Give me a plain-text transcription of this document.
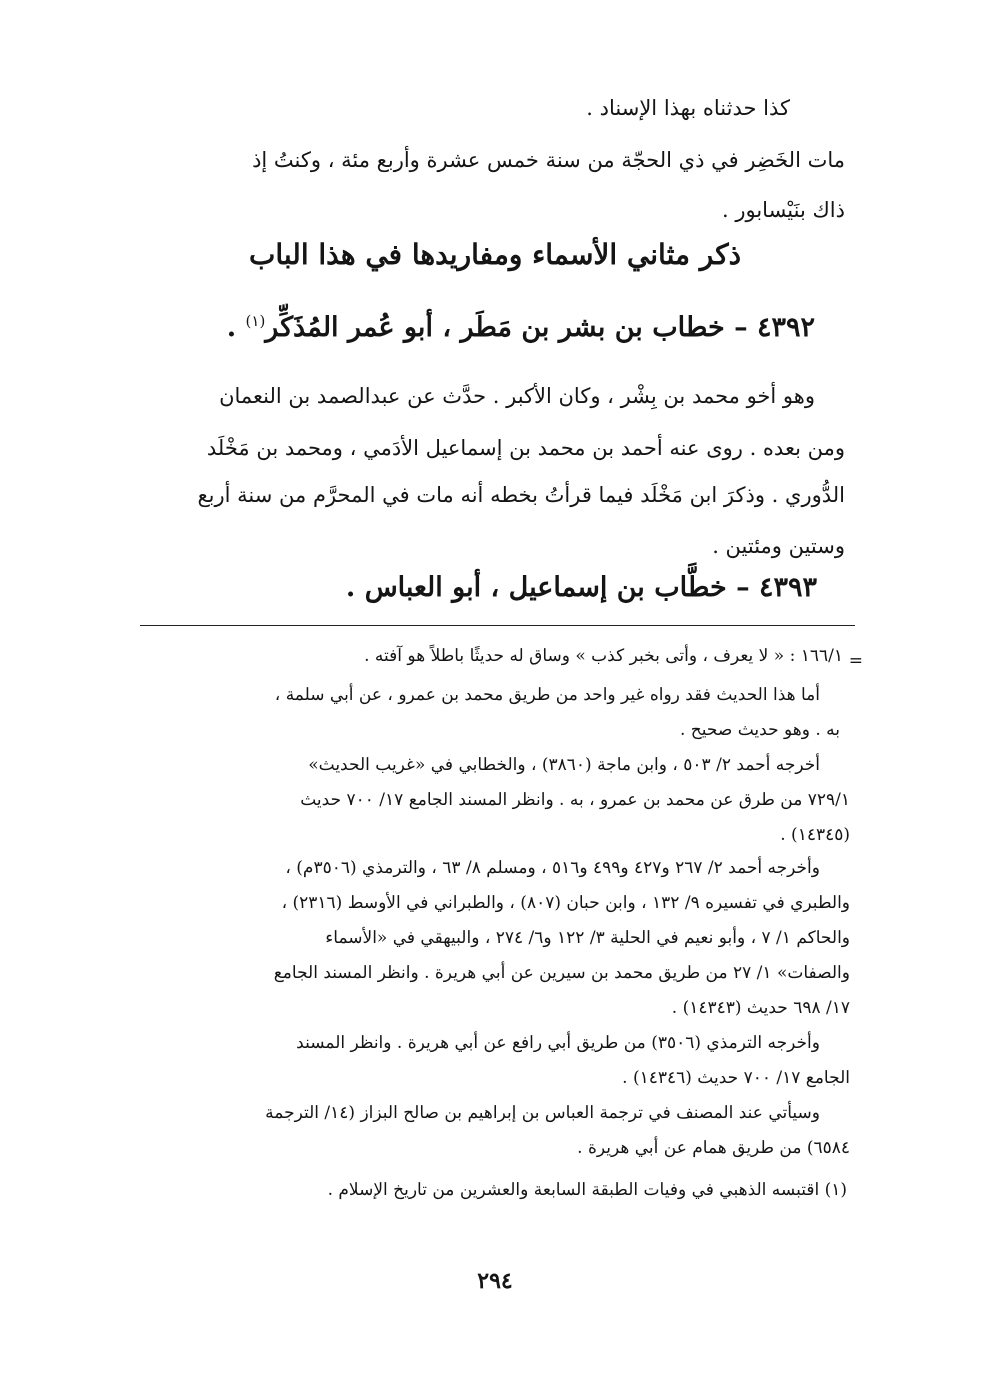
كذا حدثناه بهذا الإسناد .
مات الخَضِر في ذي الحجّة من سنة خمس عشرة وأربع مئة ، وكنتُ إذ
ذاك بنَيْسابور .
ذكر مثاني الأسماء ومفاريدها في هذا الباب
٤٣٩٢ – خطاب بن بشر بن مَطَر ، أبو عُمر المُذَكِّر$^{(١)}$ .
وهو أخو محمد بن بِشْر ، وكان الأكبر . حدَّث عن عبدالصمد بن النعمان
ومن بعده . روى عنه أحمد بن محمد بن إسماعيل الأدَمي ، ومحمد بن مَخْلَد
الدُّوري . وذكرَ ابن مَخْلَد فيما قرأتُ بخطه أنه مات في المحرَّم من سنة أربع
وستين ومئتين .
٤٣٩٣ – خطَّاب بن إسماعيل ، أبو العباس .
=
١٦٦/١ : « لا يعرف ، وأتى بخبر كذب » وساق له حديثًا باطلاً هو آفته .
أما هذا الحديث فقد رواه غير واحد من طريق محمد بن عمرو ، عن أبي سلمة ،
به . وهو حديث صحيح .
أخرجه أحمد ٢/ ٥٠٣ ، وابن ماجة (٣٨٦٠) ، والخطابي في «غريب الحديث»
٧٢٩/١ من طرق عن محمد بن عمرو ، به . وانظر المسند الجامع ١٧/ ٧٠٠ حديث
(١٤٣٤٥) .
وأخرجه أحمد ٢/ ٢٦٧ و٤٢٧ و٤٩٩ و٥١٦ ، ومسلم ٨/ ٦٣ ، والترمذي (٣٥٠٦م) ،
والطبري في تفسيره ٩/ ١٣٢ ، وابن حبان (٨٠٧) ، والطبراني في الأوسط (٢٣١٦) ،
والحاكم ١/ ٧ ، وأبو نعيم في الحلية ٣/ ١٢٢ و٦/ ٢٧٤ ، والبيهقي في «الأسماء
والصفات» ١/ ٢٧ من طريق محمد بن سيرين عن أبي هريرة . وانظر المسند الجامع
١٧/ ٦٩٨ حديث (١٤٣٤٣) .
وأخرجه الترمذي (٣٥٠٦) من طريق أبي رافع عن أبي هريرة . وانظر المسند
الجامع ١٧/ ٧٠٠ حديث (١٤٣٤٦) .
وسيأتي عند المصنف في ترجمة العباس بن إبراهيم بن صالح البزاز (١٤/ الترجمة
٦٥٨٤) من طريق همام عن أبي هريرة .
(١) اقتبسه الذهبي في وفيات الطبقة السابعة والعشرين من تاريخ الإسلام .
٢٩٤
